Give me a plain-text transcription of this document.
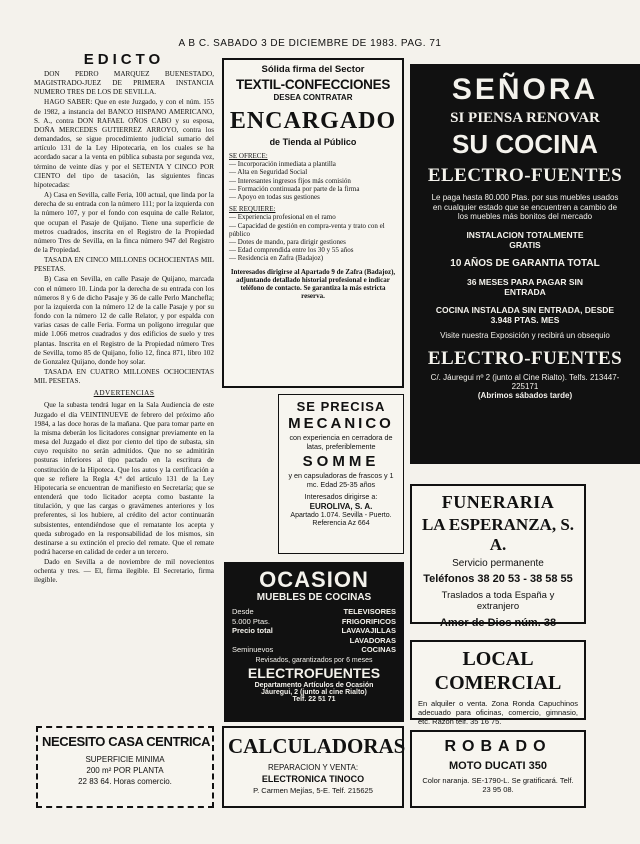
A B C. SABADO 3 DE DICIEMBRE DE 1983. PAG. 71
EDICTO
DON PEDRO MARQUEZ BUENESTADO, MAGISTRADO-JUEZ DE PRIMERA INSTANCIA NUMERO TRES DE LOS DE SEVILLA.
HAGO SABER: Que en este Juzgado, y con el núm. 155 de 1982, a instancia del BANCO HISPANO AMERICANO, S. A., contra DON RAFAEL OÑOS CABO y su esposa, DOÑA MERCEDES GUTIERREZ ARROYO, contra los demandados, se sigue procedimiento judicial sumario del artículo 131 de la Ley Hipotecaria, en los cuales se ha acordado sacar a la venta en pública subasta por segunda vez, término de veinte días y por el SETENTA Y CINCO POR CIENTO del tipo de tasación, las siguientes fincas hipotecadas:
A) Casa en Sevilla, calle Feria, 100 actual, que linda por la derecha de su entrada con la número 111; por la izquierda con la número 107, y por el fondo con esquina de calle Relator, que ocupan el Pasaje de Quijano. Tiene una superficie de metros cuadrados, inscrita en el Registro de la Propiedad número Tres de Sevilla, en la finca número 947 del Registro de la Propiedad.
TASADA EN CINCO MILLONES OCHOCIENTAS MIL PESETAS.
B) Casa en Sevilla, en calle Pasaje de Quijano, marcada con el número 10. Linda por la derecha de su entrada con los números 8 y 6 de dicho Pasaje y 36 de calle Perlo Manchefla; por la izquierda con la número 12 de la calle Pasaje y por su fondo con la número 12 de calle Relator, y por espalda con varias casas de calle Feria. Forma un polígono irregular que mide 1.066 metros cuadrados y dos edificios de suelo y tres plantas. Inscrita en el Registro de la Propiedad número Tres de Sevilla, tomo 85 de Quijano, folio 12, finca 871, libro 102 de Gonzalez Quijano, donde hoy solar.
TASADA EN CUATRO MILLONES OCHOCIENTAS MIL PESETAS.
ADVERTENCIAS
Que la subasta tendrá lugar en la Sala Audiencia de este Juzgado el día VEINTINUEVE de febrero del próximo año 1984, a las doce horas de la mañana. Que para tomar parte en la misma deberán los licitadores consignar previamente en la mesa del Juzgado el diez por ciento del tipo de subasta, sin cuyo requisito no serán admitidos. Que no se admitirán posturas inferiores al tipo pactado en la escritura de constitución de la Hipoteca. Que los autos y la certificación a que se refiere la Regla 4.ª del artículo 131 de la Ley Hipotecaria se encuentran de manifiesto en Secretaría; que se entenderá que todo licitador acepta como bastante la titulación, y que las cargas o gravámenes anteriores y los preferentes, si los hubiere, al crédito del actor continuarán subsistentes, entendiéndose que el rematante los acepta y queda subrogado en la responsabilidad de los mismos, sin destinarse a su extinción el precio del remate. Que el remate podrá hacerse en calidad de ceder a un tercero.
Dado en Sevilla a de noviembre de mil novecientos ochenta y tres. — El, firma ilegible. El Secretario, firma ilegible.
Sólida firma del Sector
TEXTIL-CONFECCIONES
DESEA CONTRATAR
ENCARGADO
de Tienda al Público
SE OFRECE:
— Incorporación inmediata a plantilla
— Alta en Seguridad Social
— Interesantes ingresos fijos más comisión
— Formación continuada por parte de la firma
— Apoyo en todas sus gestiones
SE REQUIERE:
— Experiencia profesional en el ramo
— Capacidad de gestión en compra-venta y trato con el público
— Dotes de mando, para dirigir gestiones
— Edad comprendida entre los 30 y 55 años
— Residencia en Zafra (Badajoz)
Interesados dirigirse al Apartado 9 de Zafra (Badajoz), adjuntando detallado historial profesional e indicar teléfono de contacto. Se garantiza la más estricta reserva.
SE PRECISA
MECANICO
con experiencia en cerradora de latas, preferiblemente
SOMME
y en capsuladoras de frascos y 1 mc. Edad 25-35 años
Interesados dirigirse a:
EUROLIVA, S. A.
Apartado 1.074. Sevilla - Puerto.
Referencia Az 664
OCASION
MUEBLES DE COCINAS
Desde	TELEVISORES
5.000 Ptas.	FRIGORIFICOS
Precio total	LAVAVAJILLAS
LAVADORAS
Seminuevos	COCINAS
Revisados, garantizados por 6 meses
ELECTROFUENTES
Departamento Artículos de Ocasión
Jáuregui, 2 (junto al cine Rialto)
Telf. 22 51 71
SEÑORA
SI PIENSA RENOVAR
SU COCINA
ELECTRO-FUENTES
Le paga hasta 80.000 Ptas. por sus muebles usados en cualquier estado que se encuentren a cambio de los muebles más bonitos del mercado
INSTALACION TOTALMENTE GRATIS
10 AÑOS DE GARANTIA TOTAL
36 MESES PARA PAGAR SIN ENTRADA
COCINA INSTALADA SIN ENTRADA, DESDE 3.948 PTAS. MES
Visite nuestra Exposición y recibirá un obsequio
ELECTRO-FUENTES
C/. Jáuregui nº 2 (junto al Cine Rialto). Telfs. 213447-225171
(Abrimos sábados tarde)
FUNERARIA
LA ESPERANZA, S. A.
Servicio permanente
Teléfonos 38 20 53 - 38 58 55
Traslados a toda España y extranjero
Amor de Dios núm. 38
LOCAL COMERCIAL
En alquiler o venta. Zona Ronda Capuchinos adecuado para oficinas, comercio, gimnasio, etc. Razón telf. 35 16 75.
NECESITO CASA CENTRICA
SUPERFICIE MINIMA
200 m² POR PLANTA
22 83 64. Horas comercio.
CALCULADORAS
REPARACION Y VENTA:
ELECTRONICA TINOCO
P. Carmen Mejías, 5-E. Telf. 215625
ROBADO
MOTO DUCATI 350
Color naranja. SE-1790-L. Se gratificará. Telf. 23 95 08.
